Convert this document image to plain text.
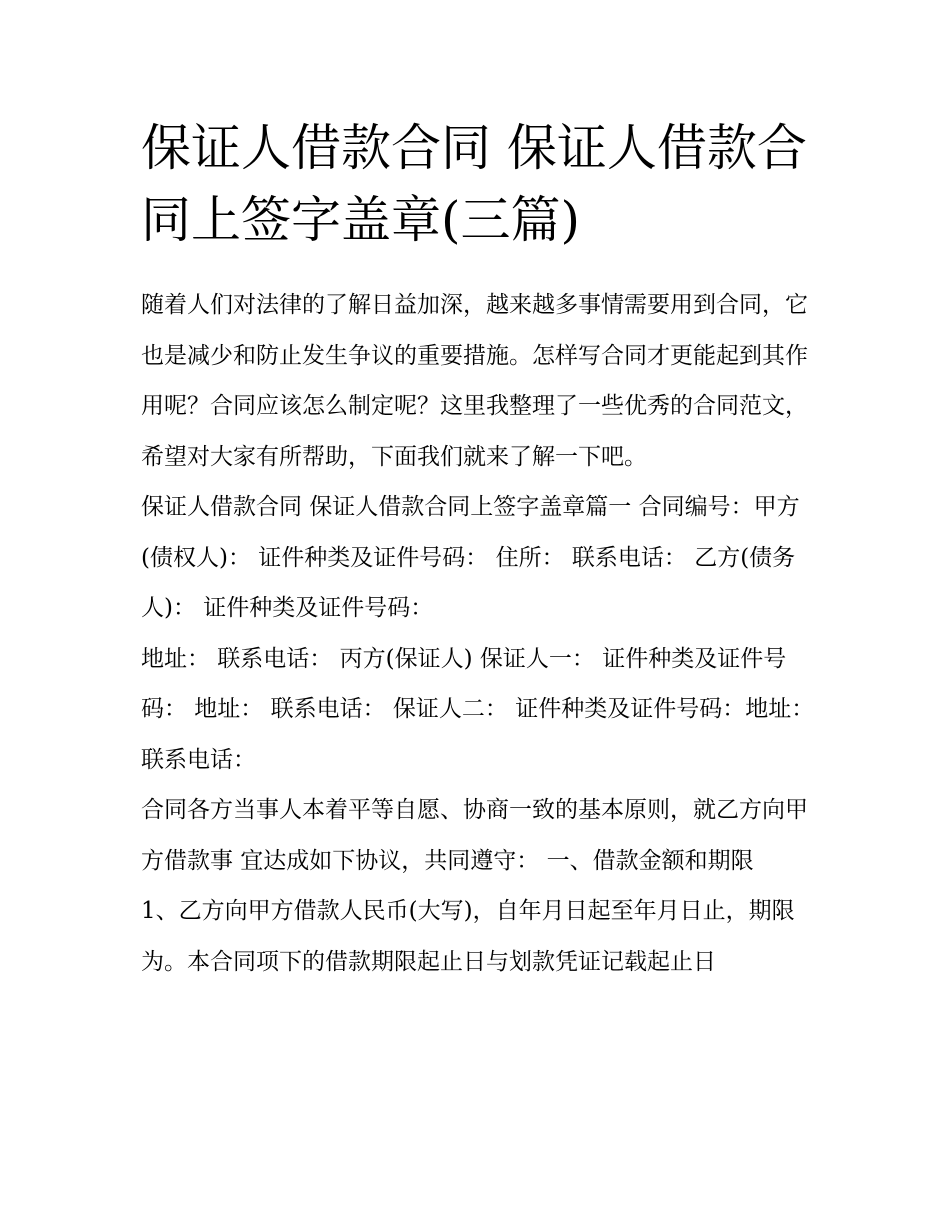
保证人借款合同 保证人借款合同上签字盖章(三篇)

随着人们对法律的了解日益加深，越来越多事情需要用到合同，它也是减少和防止发生争议的重要措施。怎样写合同才更能起到其作用呢？合同应该怎么制定呢？这里我整理了一些优秀的合同范文，希望对大家有所帮助，下面我们就来了解一下吧。

保证人借款合同 保证人借款合同上签字盖章篇一 合同编号：甲方(债权人)： 证件种类及证件号码： 住所： 联系电话： 乙方(债务人)： 证件种类及证件号码：

地址： 联系电话： 丙方(保证人) 保证人一： 证件种类及证件号码： 地址： 联系电话： 保证人二： 证件种类及证件号码：地址：联系电话：

合同各方当事人本着平等自愿、协商一致的基本原则，就乙方向甲方借款事 宜达成如下协议，共同遵守： 一、借款金额和期限

1、乙方向甲方借款人民币(大写)，自年月日起至年月日止，期限为。本合同项下的借款期限起止日与划款凭证记载起止日
